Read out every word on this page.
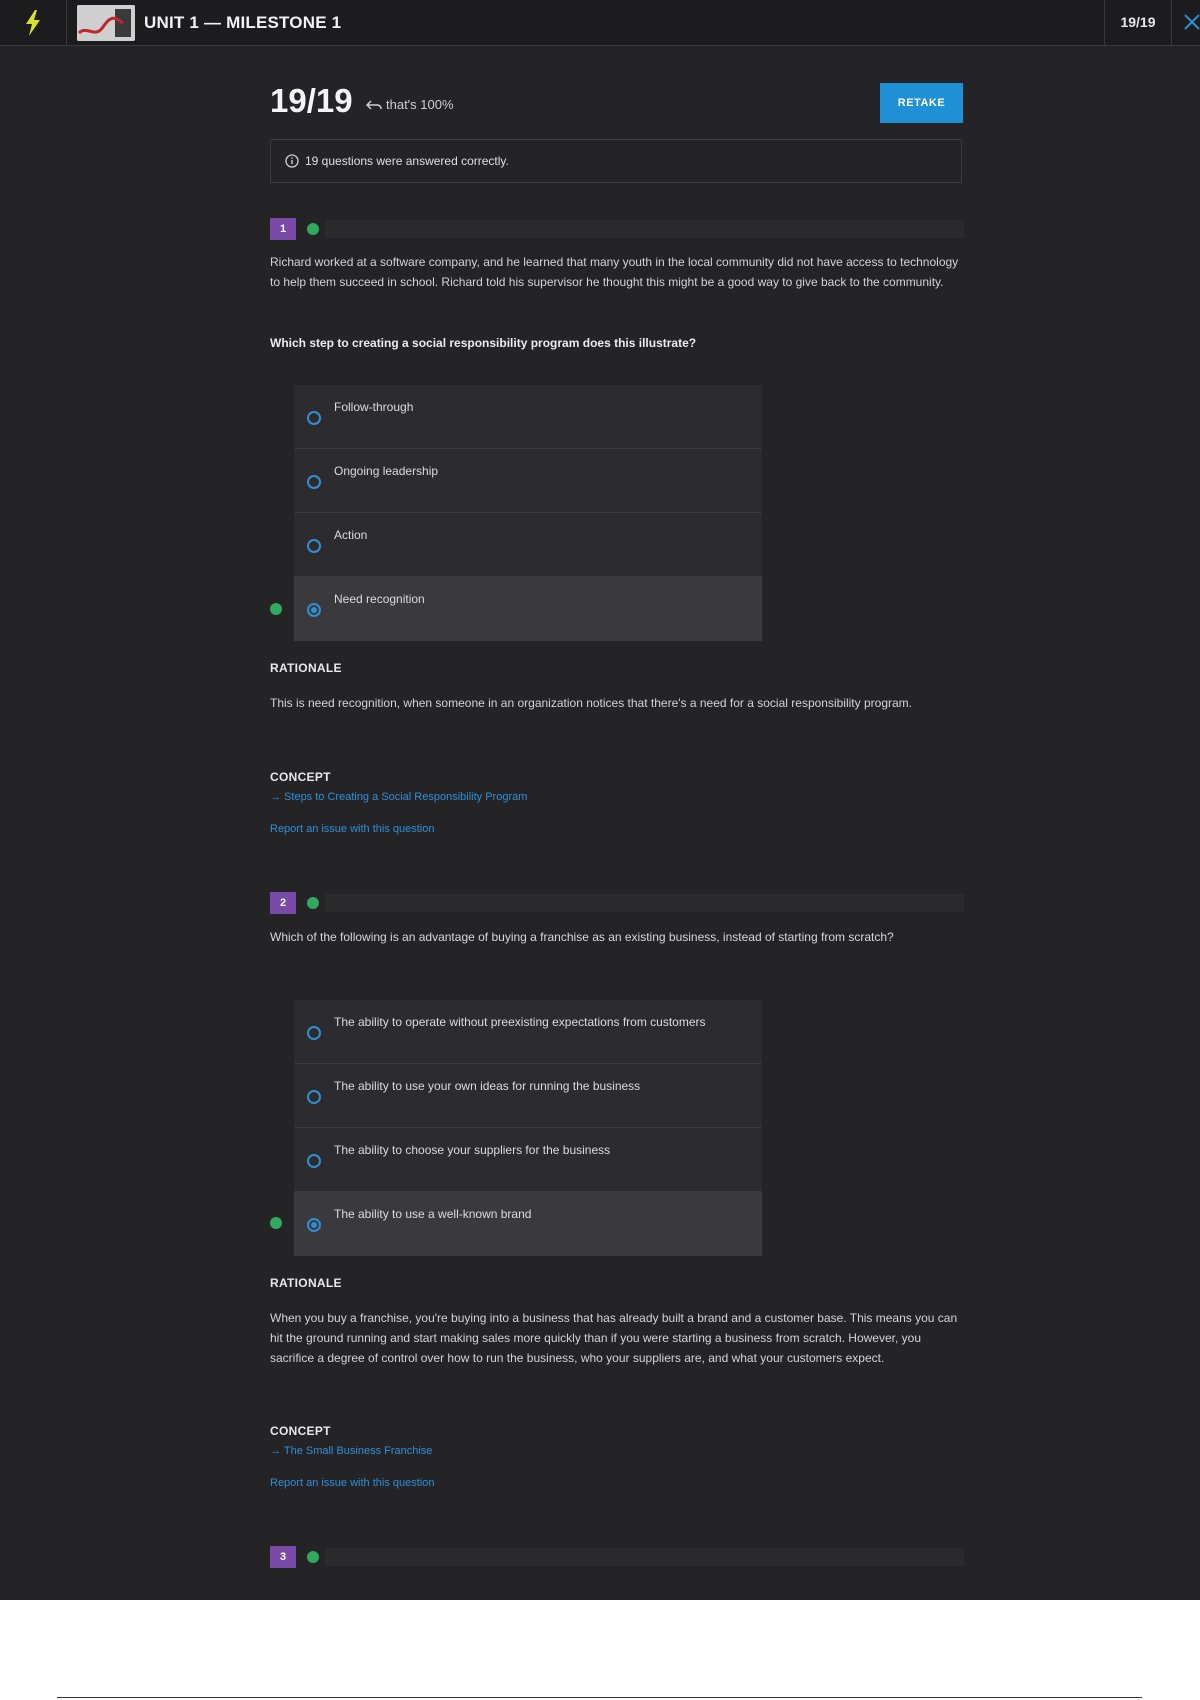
UNIT 1 — MILESTONE 1	19/19
19/19	that's 100%	RETAKE
19 questions were answered correctly.
1
Richard worked at a software company, and he learned that many youth in the local community did not have access to technology to help them succeed in school. Richard told his supervisor he thought this might be a good way to give back to the community.
Which step to creating a social responsibility program does this illustrate?
Follow-through
Ongoing leadership
Action
Need recognition
RATIONALE
This is need recognition, when someone in an organization notices that there's a need for a social responsibility program.
CONCEPT
→ Steps to Creating a Social Responsibility Program
Report an issue with this question
2
Which of the following is an advantage of buying a franchise as an existing business, instead of starting from scratch?
The ability to operate without preexisting expectations from customers
The ability to use your own ideas for running the business
The ability to choose your suppliers for the business
The ability to use a well-known brand
RATIONALE
When you buy a franchise, you're buying into a business that has already built a brand and a customer base. This means you can hit the ground running and start making sales more quickly than if you were starting a business from scratch. However, you sacrifice a degree of control over how to run the business, who your suppliers are, and what your customers expect.
CONCEPT
→ The Small Business Franchise
Report an issue with this question
3
